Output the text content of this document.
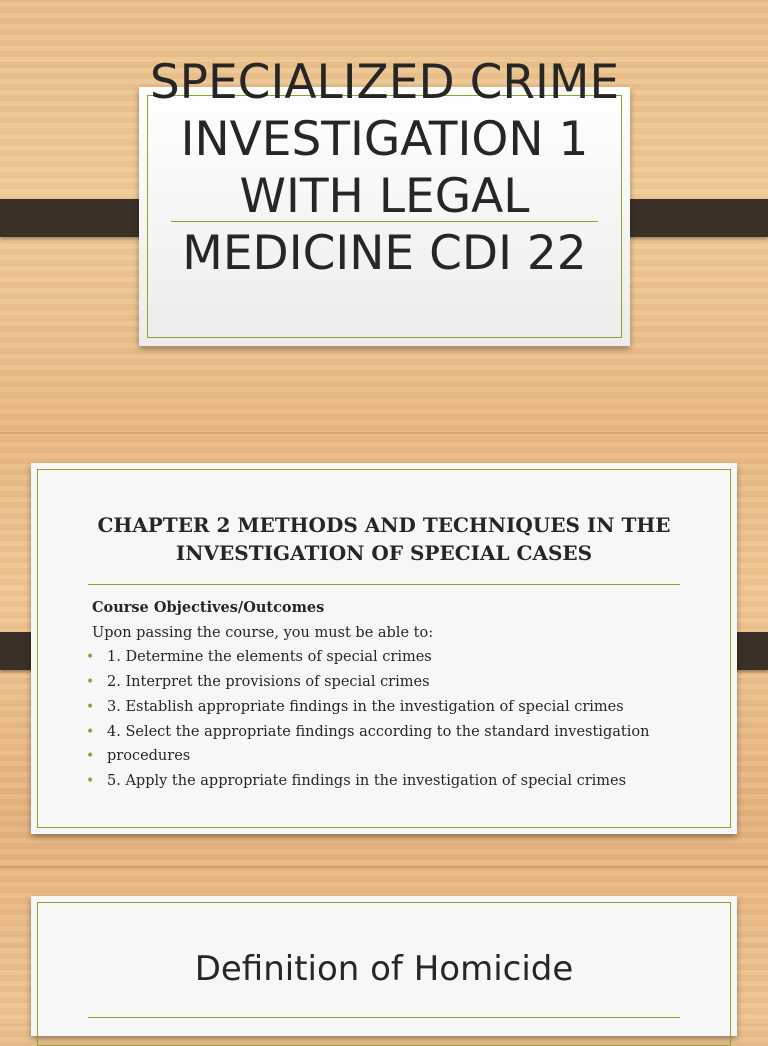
SPECIALIZED CRIME INVESTIGATION 1 WITH LEGAL MEDICINE CDI 22
CHAPTER 2 METHODS AND TECHNIQUES IN THE INVESTIGATION OF SPECIAL CASES
Course Objectives/Outcomes
Upon passing the course, you must be able to:
• 1. Determine the elements of special crimes
• 2. Interpret the provisions of special crimes
• 3. Establish appropriate findings in the investigation of special crimes
• 4. Select the appropriate findings according to the standard investigation
• procedures
• 5. Apply the appropriate findings in the investigation of special crimes
Definition of Homicide
